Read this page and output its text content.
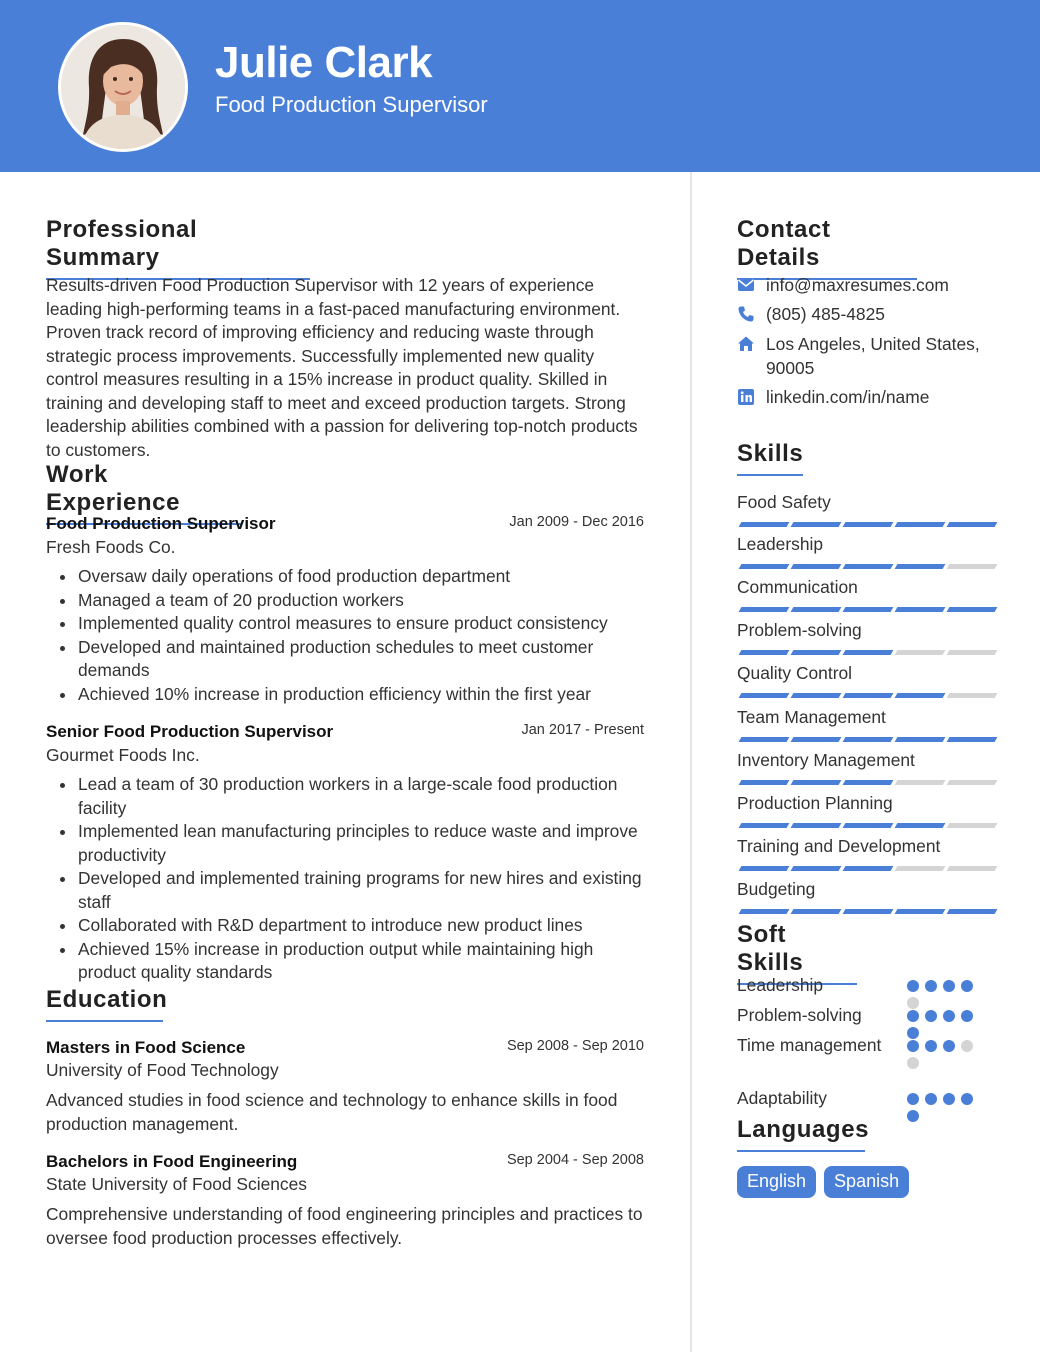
Julie Clark
Food Production Supervisor
Professional Summary
Results-driven Food Production Supervisor with 12 years of experience leading high-performing teams in a fast-paced manufacturing environment. Proven track record of improving efficiency and reducing waste through strategic process improvements. Successfully implemented new quality control measures resulting in a 15% increase in product quality. Skilled in training and developing staff to meet and exceed production targets. Strong leadership abilities combined with a passion for delivering top-notch products to customers.
Work Experience
Food Production Supervisor	Jan 2009 - Dec 2016
Fresh Foods Co.
Oversaw daily operations of food production department
Managed a team of 20 production workers
Implemented quality control measures to ensure product consistency
Developed and maintained production schedules to meet customer demands
Achieved 10% increase in production efficiency within the first year
Senior Food Production Supervisor	Jan 2017 - Present
Gourmet Foods Inc.
Lead a team of 30 production workers in a large-scale food production facility
Implemented lean manufacturing principles to reduce waste and improve productivity
Developed and implemented training programs for new hires and existing staff
Collaborated with R&D department to introduce new product lines
Achieved 15% increase in production output while maintaining high product quality standards
Education
Masters in Food Science	Sep 2008 - Sep 2010
University of Food Technology
Advanced studies in food science and technology to enhance skills in food production management.
Bachelors in Food Engineering	Sep 2004 - Sep 2008
State University of Food Sciences
Comprehensive understanding of food engineering principles and practices to oversee food production processes effectively.
Contact Details
info@maxresumes.com
(805) 485-4825
Los Angeles, United States, 90005
linkedin.com/in/name
Skills
Food Safety
Leadership
Communication
Problem-solving
Quality Control
Team Management
Inventory Management
Production Planning
Training and Development
Budgeting
Soft Skills
Leadership
Problem-solving
Time management
Adaptability
Languages
English	Spanish
